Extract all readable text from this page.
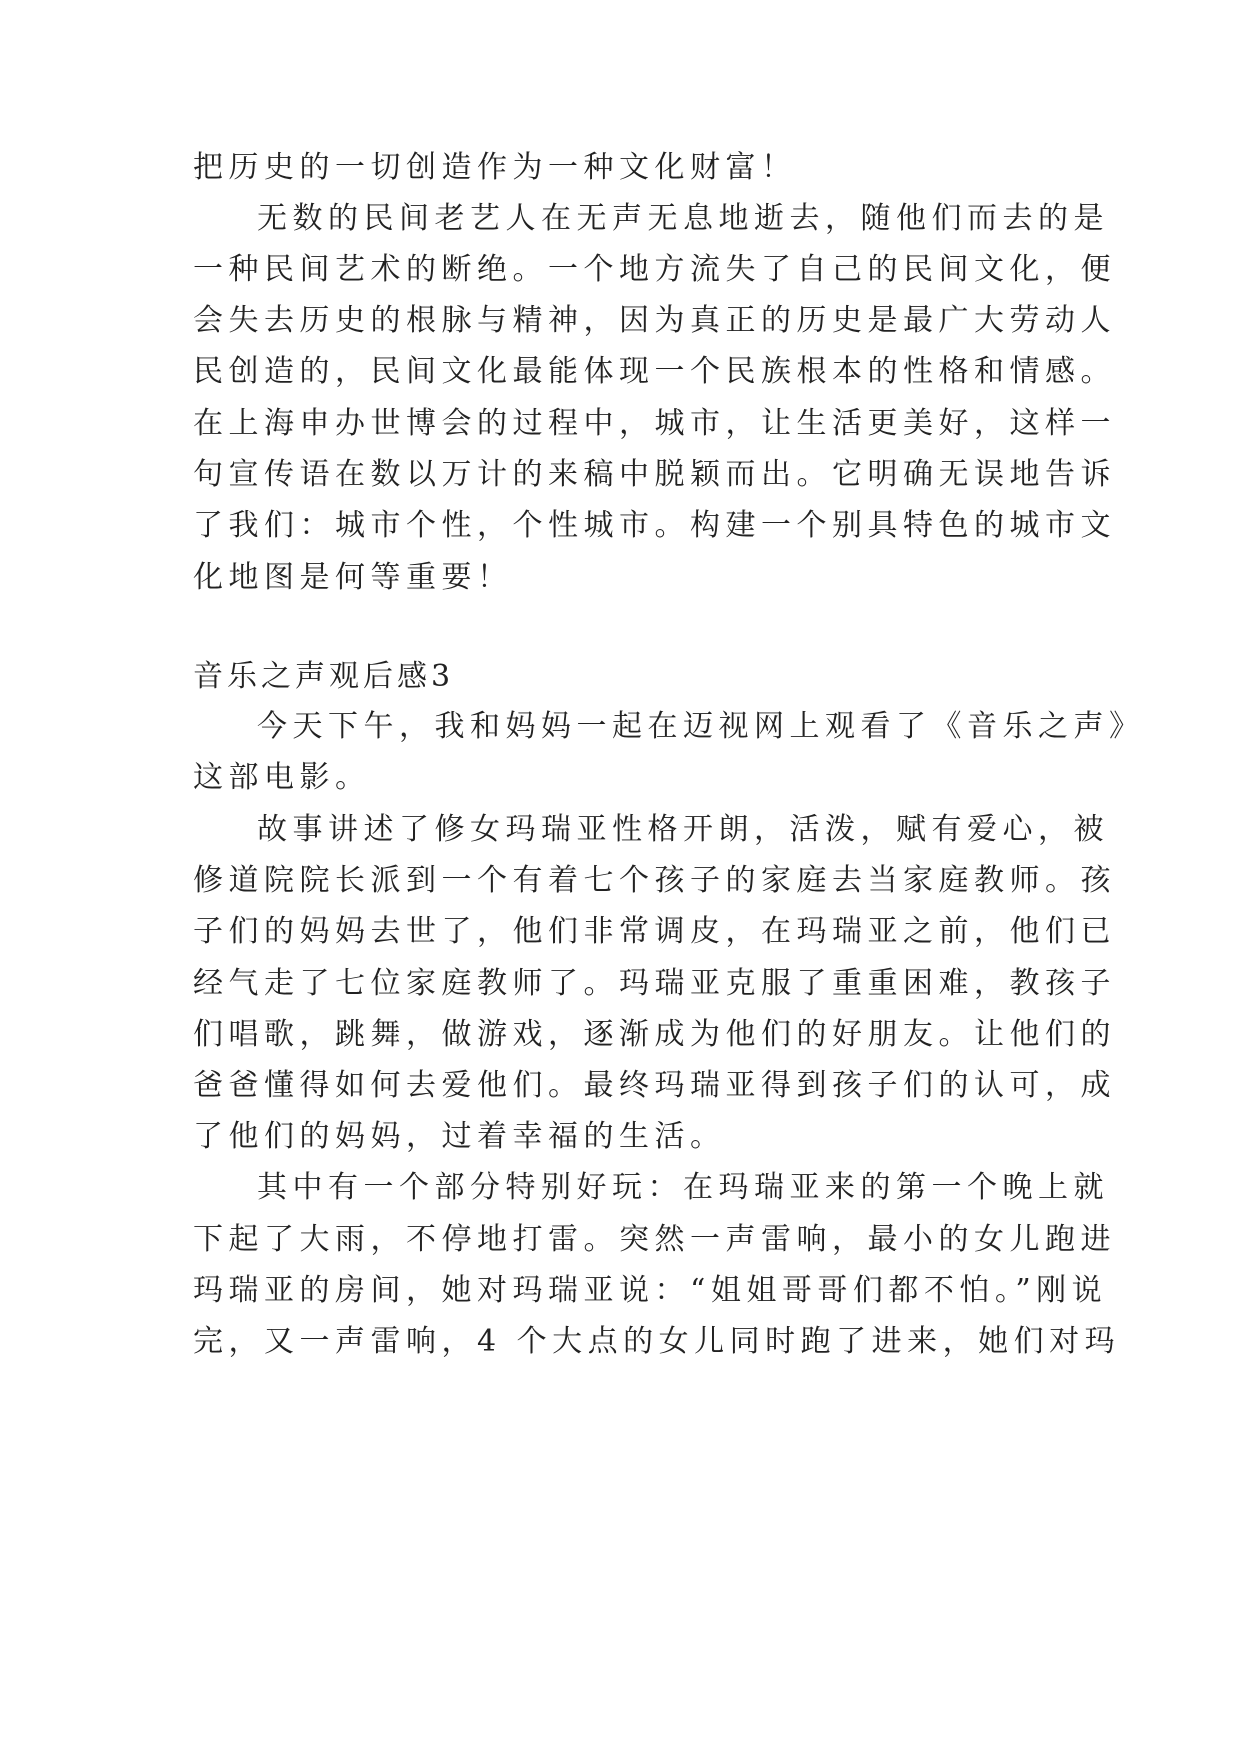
把历史的一切创造作为一种文化财富！
无数的民间老艺人在无声无息地逝去，随他们而去的是
一种民间艺术的断绝。一个地方流失了自己的民间文化，便
会失去历史的根脉与精神，因为真正的历史是最广大劳动人
民创造的，民间文化最能体现一个民族根本的性格和情感。
在上海申办世博会的过程中，城市，让生活更美好，这样一
句宣传语在数以万计的来稿中脱颖而出。它明确无误地告诉
了我们：城市个性，个性城市。构建一个别具特色的城市文
化地图是何等重要！
音乐之声观后感3
今天下午，我和妈妈一起在迈视网上观看了《音乐之声》
这部电影。
故事讲述了修女玛瑞亚性格开朗，活泼，赋有爱心，被
修道院院长派到一个有着七个孩子的家庭去当家庭教师。孩
子们的妈妈去世了，他们非常调皮，在玛瑞亚之前，他们已
经气走了七位家庭教师了。玛瑞亚克服了重重困难，教孩子
们唱歌，跳舞，做游戏，逐渐成为他们的好朋友。让他们的
爸爸懂得如何去爱他们。最终玛瑞亚得到孩子们的认可，成
了他们的妈妈，过着幸福的生活。
其中有一个部分特别好玩：在玛瑞亚来的第一个晚上就
下起了大雨，不停地打雷。突然一声雷响，最小的女儿跑进
玛瑞亚的房间，她对玛瑞亚说：“姐姐哥哥们都不怕。”刚说
完，又一声雷响，4 个大点的女儿同时跑了进来，她们对玛
